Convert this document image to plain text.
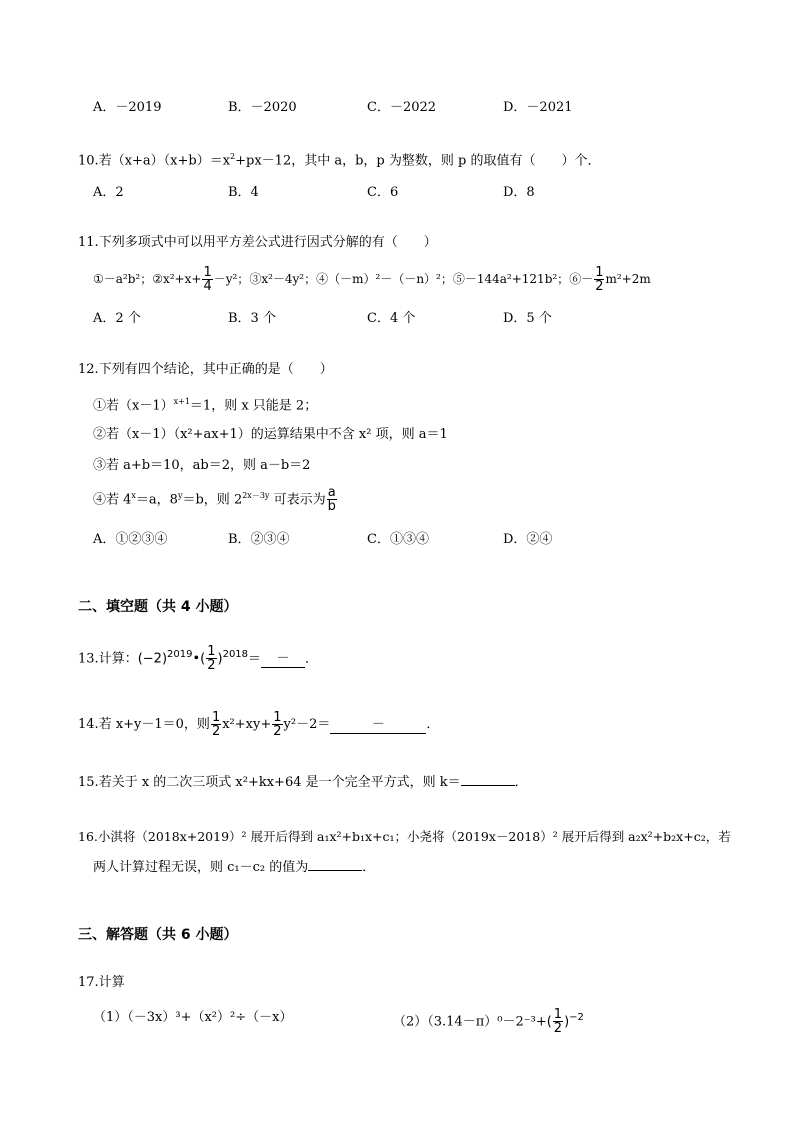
A．－2019	B．－2020	C．－2022	D．－2021
10.若$(x+a)(x+b)=x^2+px-12$，其中 a，b，p 为整数，则 p 的取值有（　　）个．
A．2	B．4	C．6	D．8
11.下列多项式中可以用平方差公式进行因式分解的有（　　）
①－a²b²；②x²+x+ $\frac{1}{4} -y^2$；③x²－4y²；④（－m）²－（－n）²；⑤－144a²+121b²；⑥－ $\frac{1}{2} m^2+2m$
A．2 个	B．3 个	C．4 个	D．5 个
12.下列有四个结论，其中正确的是（　　）
①若$(x-1)^{x+1}=1$，则 x 只能是 2；
②若（x－1）（x²+ax+1）的运算结果中不含 x² 项，则 a＝1
③若 a+b＝10，ab＝2，则 a－b＝2
④若 $4^x=a$，$8^y=b$，则 $2^{2x-3y}$ 可表示为 $\frac{a}{b}$
A．①②③④	B．②③④	C．①③④	D．②④
二、填空题（共 4 小题）
13.计算：$(-2)^{2019}•( \frac{1}{2} )^{2018}=$ － ．
14.若 x+y－1＝0，则 $\frac{1}{2} x^2+xy+ \frac{1}{2} y^2-2=$	－	．
15.若关于 x 的二次三项式 x²+kx+64 是一个完全平方式，则 k＝	．
16.小淇将（2018x+2019）² 展开后得到 a₁x²+b₁x+c₁；小尧将（2019x－2018）² 展开后得到 a₂x²+b₂x+c₂，若
两人计算过程无误，则 c₁－c₂ 的值为	．
三、解答题（共 6 小题）
17.计算
（1）（－3x）³+（x²）²÷（－x）	$(2)(3.14-\pi)^0-2^{-3}+( \frac{1}{2} )^{-2}$
